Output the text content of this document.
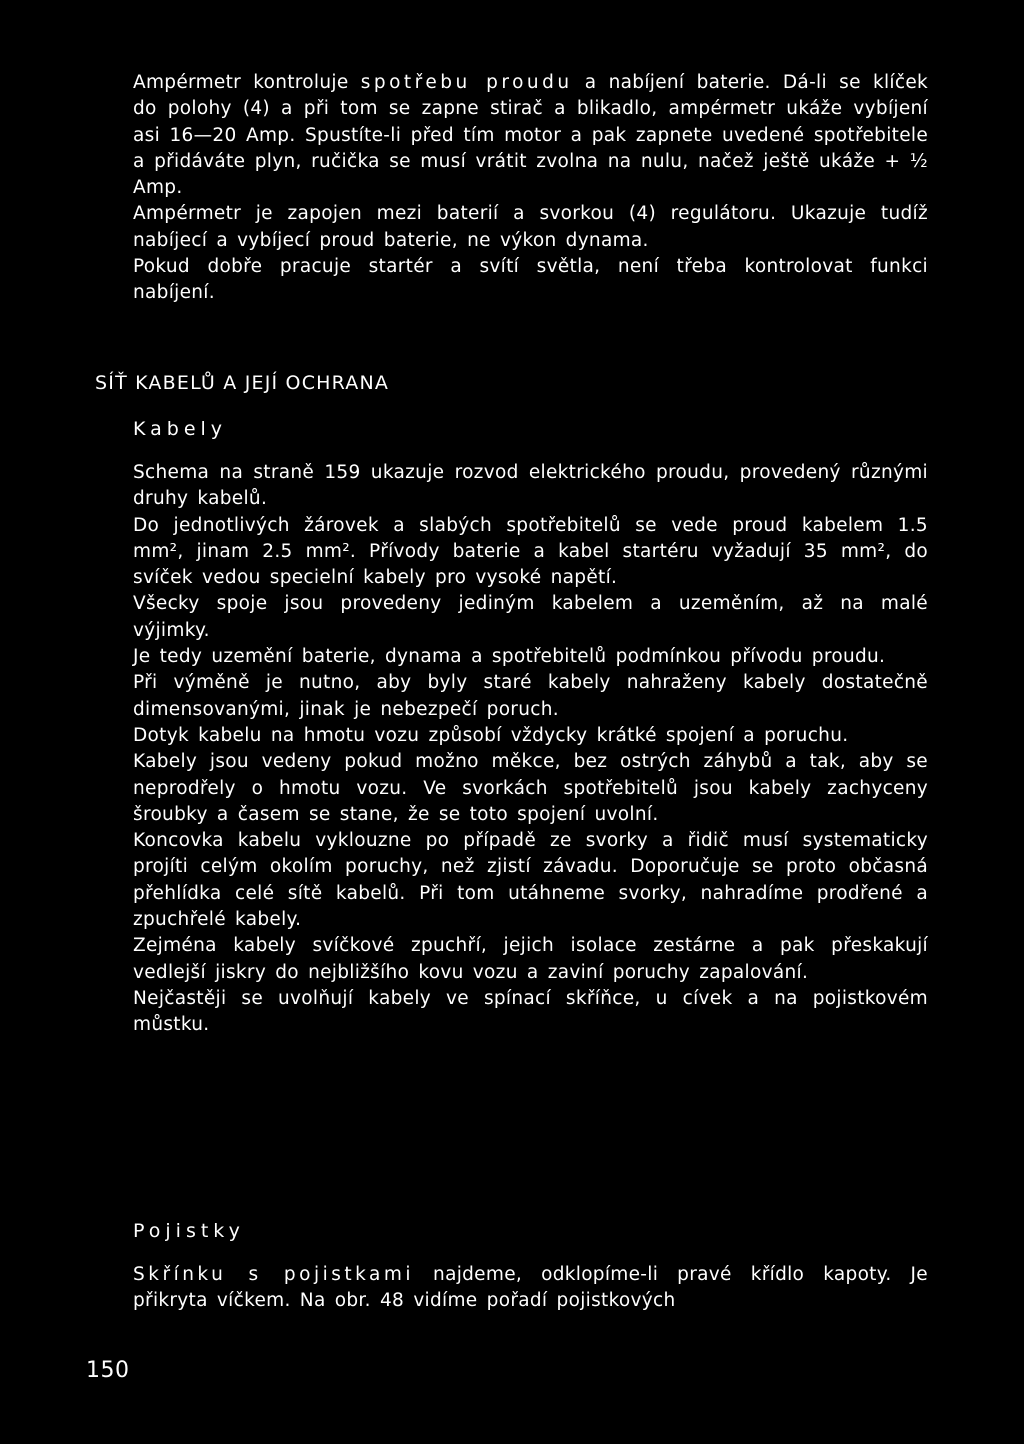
Ampérmetr kontroluje spotřebu proudu a nabíjení baterie. Dá-li se klíček do polohy (4) a při tom se zapne stirač a blikadlo, ampérmetr ukáže vybíjení asi 16—20 Amp. Spustíte-li před tím motor a pak zapnete uvedené spotřebitele a přidáváte plyn, ručička se musí vrátit zvolna na nulu, načež ještě ukáže + ½ Amp.

Ampérmetr je zapojen mezi baterií a svorkou (4) regulátoru. Ukazuje tudíž nabíjecí a vybíjecí proud baterie, ne výkon dynama.

Pokud dobře pracuje startér a svítí světla, není třeba kontrolovat funkci nabíjení.

SÍŤ KABELŮ A JEJÍ OCHRANA
Kabely

Schema na straně 159 ukazuje rozvod elektrického proudu, provedený různými druhy kabelů.

Do jednotlivých žárovek a slabých spotřebitelů se vede proud kabelem 1.5 mm², jinam 2.5 mm². Přívody baterie a kabel startéru vyžadují 35 mm², do svíček vedou specielní kabely pro vysoké napětí.

Všecky spoje jsou provedeny jediným kabelem a uzeměním, až na malé výjimky.

Je tedy uzemění baterie, dynama a spotřebitelů podmínkou přívodu proudu.

Při výměně je nutno, aby byly staré kabely nahraženy kabely dostatečně dimensovanými, jinak je nebezpečí poruch.

Dotyk kabelu na hmotu vozu způsobí vždycky krátké spojení a poruchu.

Kabely jsou vedeny pokud možno měkce, bez ostrých záhybů a tak, aby se neprodřely o hmotu vozu. Ve svorkách spotřebitelů jsou kabely zachyceny šroubky a časem se stane, že se toto spojení uvolní.

Koncovka kabelu vyklouzne po případě ze svorky a řidič musí systematicky projíti celým okolím poruchy, než zjistí závadu. Doporučuje se proto občasná přehlídka celé sítě kabelů. Při tom utáhneme svorky, nahradíme prodřené a zpuchřelé kabely.

Zejména kabely svíčkové zpuchří, jejich isolace zestárne a pak přeskakují vedlejší jiskry do nejbližšího kovu vozu a zaviní poruchy zapalování.

Nejčastěji se uvolňují kabely ve spínací skříňce, u cívek a na pojistkovém můstku.

Pojistky

Skřínku s pojistkami najdeme, odklopíme-li pravé křídlo kapoty. Je přikryta víčkem. Na obr. 48 vidíme pořadí pojistkových

150
